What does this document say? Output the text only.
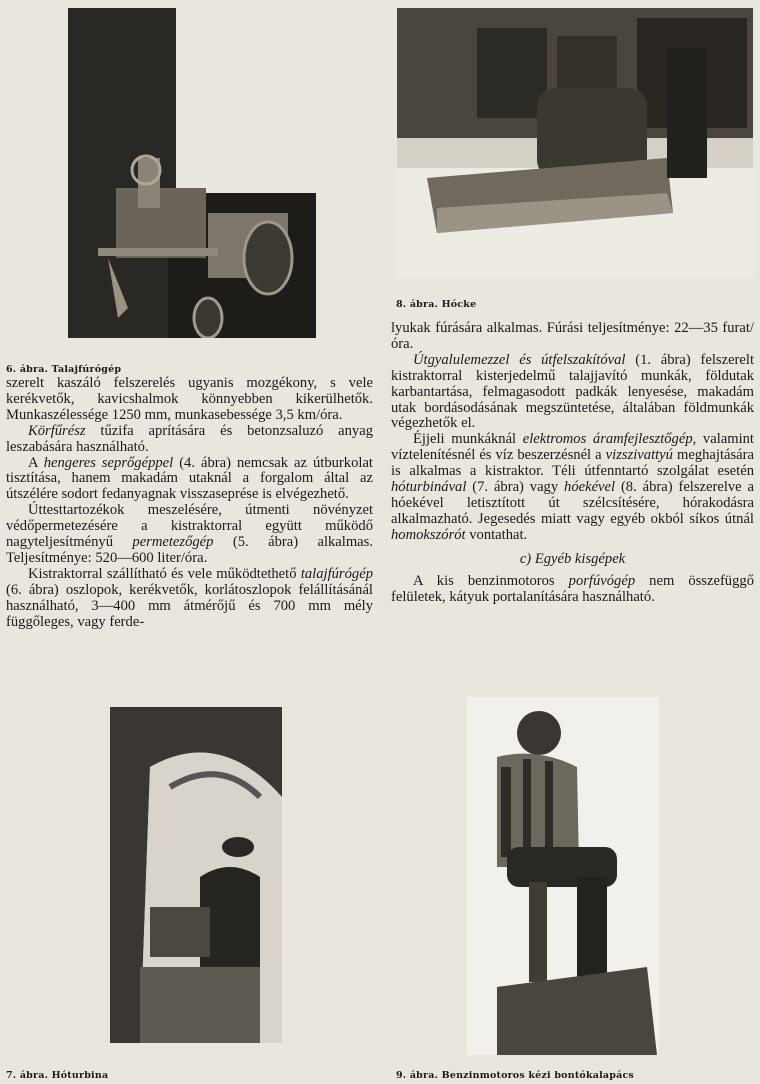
6. ábra. Talajfúrógép
8. ábra. Hócke

szerelt kaszáló felszerelés ugyanis mozgékony, s vele kerékvetők, kavicshalmok könnyebben kikerülhetők. Munkaszélessége 1250 mm, munkasebessége 3,5 km/óra.

Körfűrész tűzifa aprítására és betonzsaluzó anyag leszabására használható.

A hengeres seprőgéppel (4. ábra) nemcsak az útburkolat tisztítása, hanem makadám utaknál a forgalom által az útszélére sodort fedanyagnak visszaseprése is elvégezhető.

Úttesttartozékok meszelésére, útmenti növényzet védőpermetezésére a kistraktorral együtt működő nagyteljesítményű permetezőgép (5. ábra) alkalmas. Teljesítménye: 520—600 liter/óra.

Kistraktorral szállítható és vele működtethető talajfúrógép (6. ábra) oszlopok, kerékvetők, korlátoszlopok felállításánál használható, 3—400 mm átmérőjű és 700 mm mély függőleges, vagy ferde-

lyukak fúrására alkalmas. Fúrási teljesítménye: 22—35 furat/óra.

Útgyalulemezzel és útfelszakítóval (1. ábra) felszerelt kistraktorral kisterjedelmű talajjavító munkák, földutak karbantartása, felmagasodott padkák lenyesése, makadám utak bordásodásának megszüntetése, általában földmunkák végezhetők el.

Éjjeli munkáknál elektromos áramfejlesztőgép, valamint víztelenítésnél és víz beszerzésnél a vizszivattyú meghajtására is alkalmas a kistraktor. Téli útfenntartó szolgálat esetén hóturbinával (7. ábra) vagy hóekével (8. ábra) felszerelve a hóekével letisztított út szélcsítésére, hórakodásra alkalmazható. Jegesedés miatt vagy egyéb okból síkos útnál homokszórót vontathat.

c) Egyéb kisgépek

A kis benzinmotoros porfúvógép nem összefüggő felületek, kátyuk portalanítására használható.

7. ábra. Hóturbina	9. ábra. Benzinmotoros kézi bontókalapács
